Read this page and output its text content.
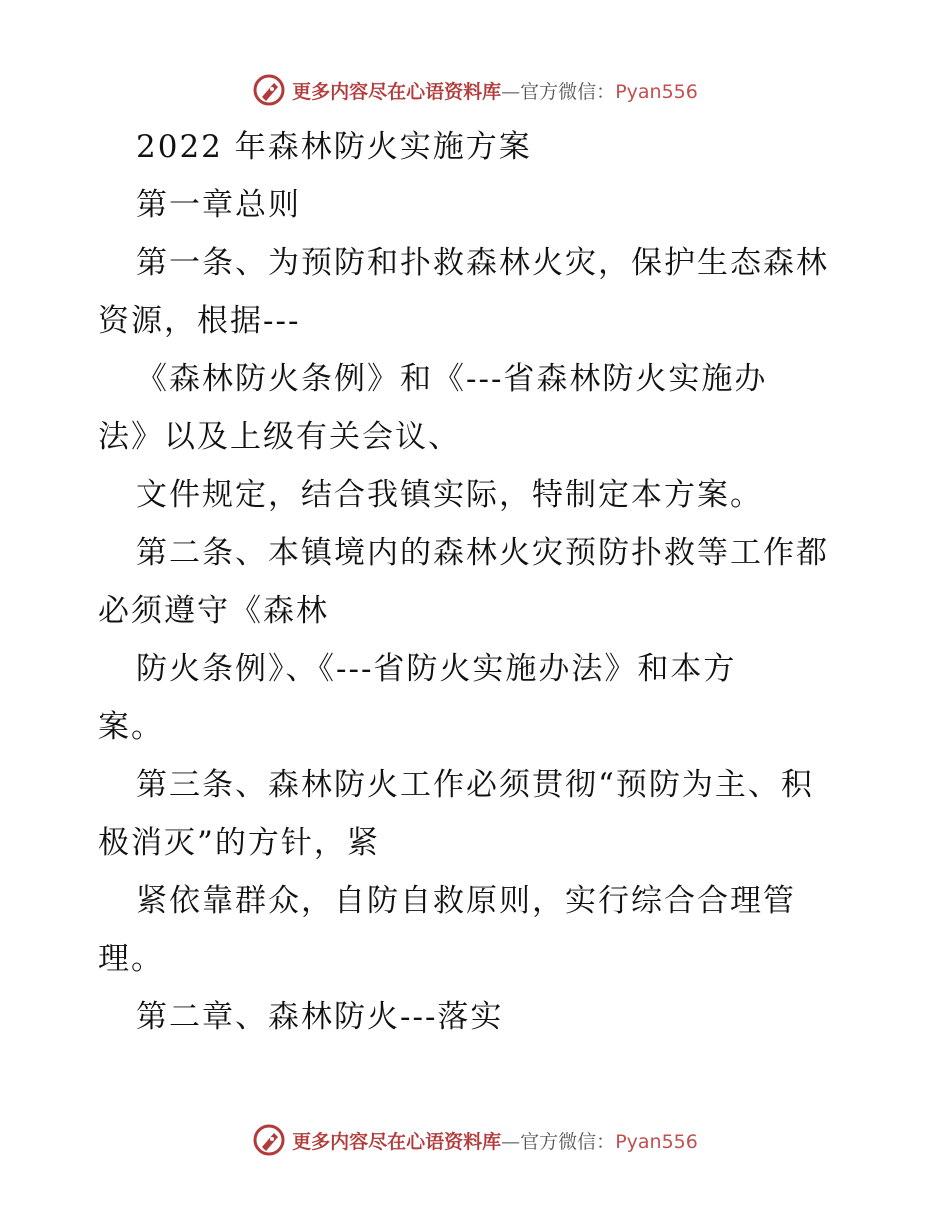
更多内容尽在心语资料库—官方微信：Pyan556
2022 年森林防火实施方案
第一章总则
第一条、为预防和扑救森林火灾，保护生态森林
资源，根据---
《森林防火条例》和《---省森林防火实施办
法》以及上级有关会议、
文件规定，结合我镇实际，特制定本方案。
第二条、本镇境内的森林火灾预防扑救等工作都
必须遵守《森林
防火条例》、《---省防火实施办法》和本方
案。
第三条、森林防火工作必须贯彻“预防为主、积
极消灭”的方针，紧
紧依靠群众，自防自救原则，实行综合合理管
理。
第二章、森林防火---落实
更多内容尽在心语资料库—官方微信：Pyan556
